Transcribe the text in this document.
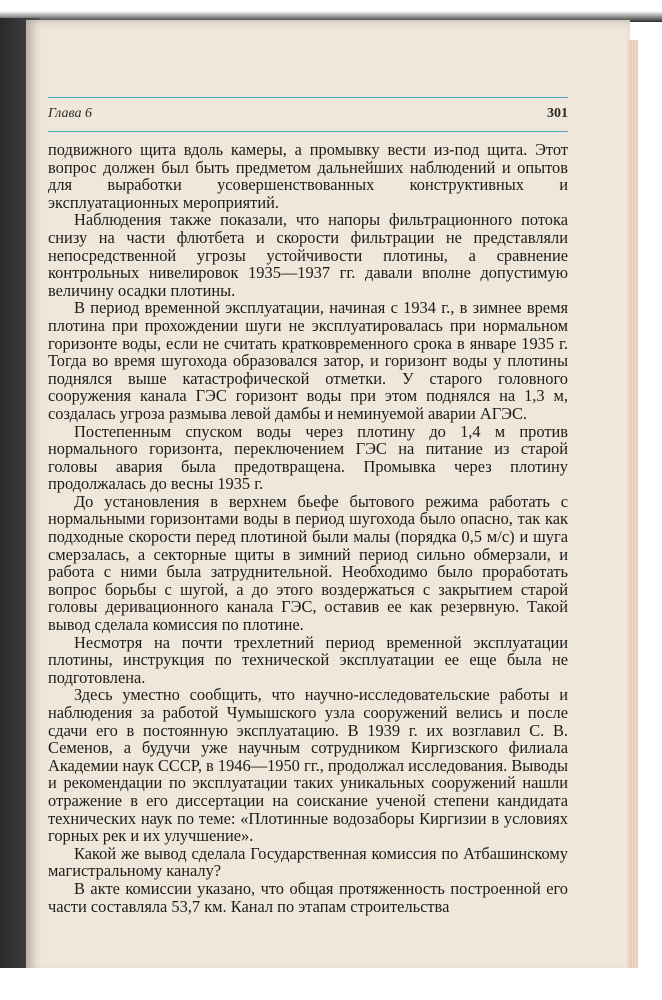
Глава 6	301

подвижного щита вдоль камеры, а промывку вести из-под щита. Этот вопрос должен был быть предметом дальнейших наблюдений и опытов для выработки усовершенствованных конструктивных и эксплуатационных мероприятий.

Наблюдения также показали, что напоры фильтрационного потока снизу на части флютбета и скорости фильтрации не представляли непосредственной угрозы устойчивости плотины, а сравнение контрольных нивелировок 1935—1937 гг. давали вполне допустимую величину осадки плотины.

В период временной эксплуатации, начиная с 1934 г., в зимнее время плотина при прохождении шуги не эксплуатировалась при нормальном горизонте воды, если не считать кратковременного срока в январе 1935 г. Тогда во время шугохода образовался затор, и горизонт воды у плотины поднялся выше катастрофической отметки. У старого головного сооружения канала ГЭС горизонт воды при этом поднялся на 1,3 м, создалась угроза размыва левой дамбы и неминуемой аварии АГЭС.

Постепенным спуском воды через плотину до 1,4 м против нормального горизонта, переключением ГЭС на питание из старой головы авария была предотвращена. Промывка через плотину продолжалась до весны 1935 г.

До установления в верхнем бьефе бытового режима работать с нормальными горизонтами воды в период шугохода было опасно, так как подходные скорости перед плотиной были малы (порядка 0,5 м/с) и шуга смерзалась, а секторные щиты в зимний период сильно обмерзали, и работа с ними была затруднительной. Необходимо было проработать вопрос борьбы с шугой, а до этого воздержаться с закрытием старой головы деривационного канала ГЭС, оставив ее как резервную. Такой вывод сделала комиссия по плотине.

Несмотря на почти трехлетний период временной эксплуатации плотины, инструкция по технической эксплуатации ее еще была не подготовлена.

Здесь уместно сообщить, что научно-исследовательские работы и наблюдения за работой Чумышского узла сооружений велись и после сдачи его в постоянную эксплуатацию. В 1939 г. их возглавил С. В. Семенов, а будучи уже научным сотрудником Киргизского филиала Академии наук СССР, в 1946—1950 гг., продолжал исследования. Выводы и рекомендации по эксплуатации таких уникальных сооружений нашли отражение в его диссертации на соискание ученой степени кандидата технических наук по теме: «Плотинные водозаборы Киргизии в условиях горных рек и их улучшение».

Какой же вывод сделала Государственная комиссия по Атбашинскому магистральному каналу?

В акте комиссии указано, что общая протяженность построенной его части составляла 53,7 км. Канал по этапам строительства
